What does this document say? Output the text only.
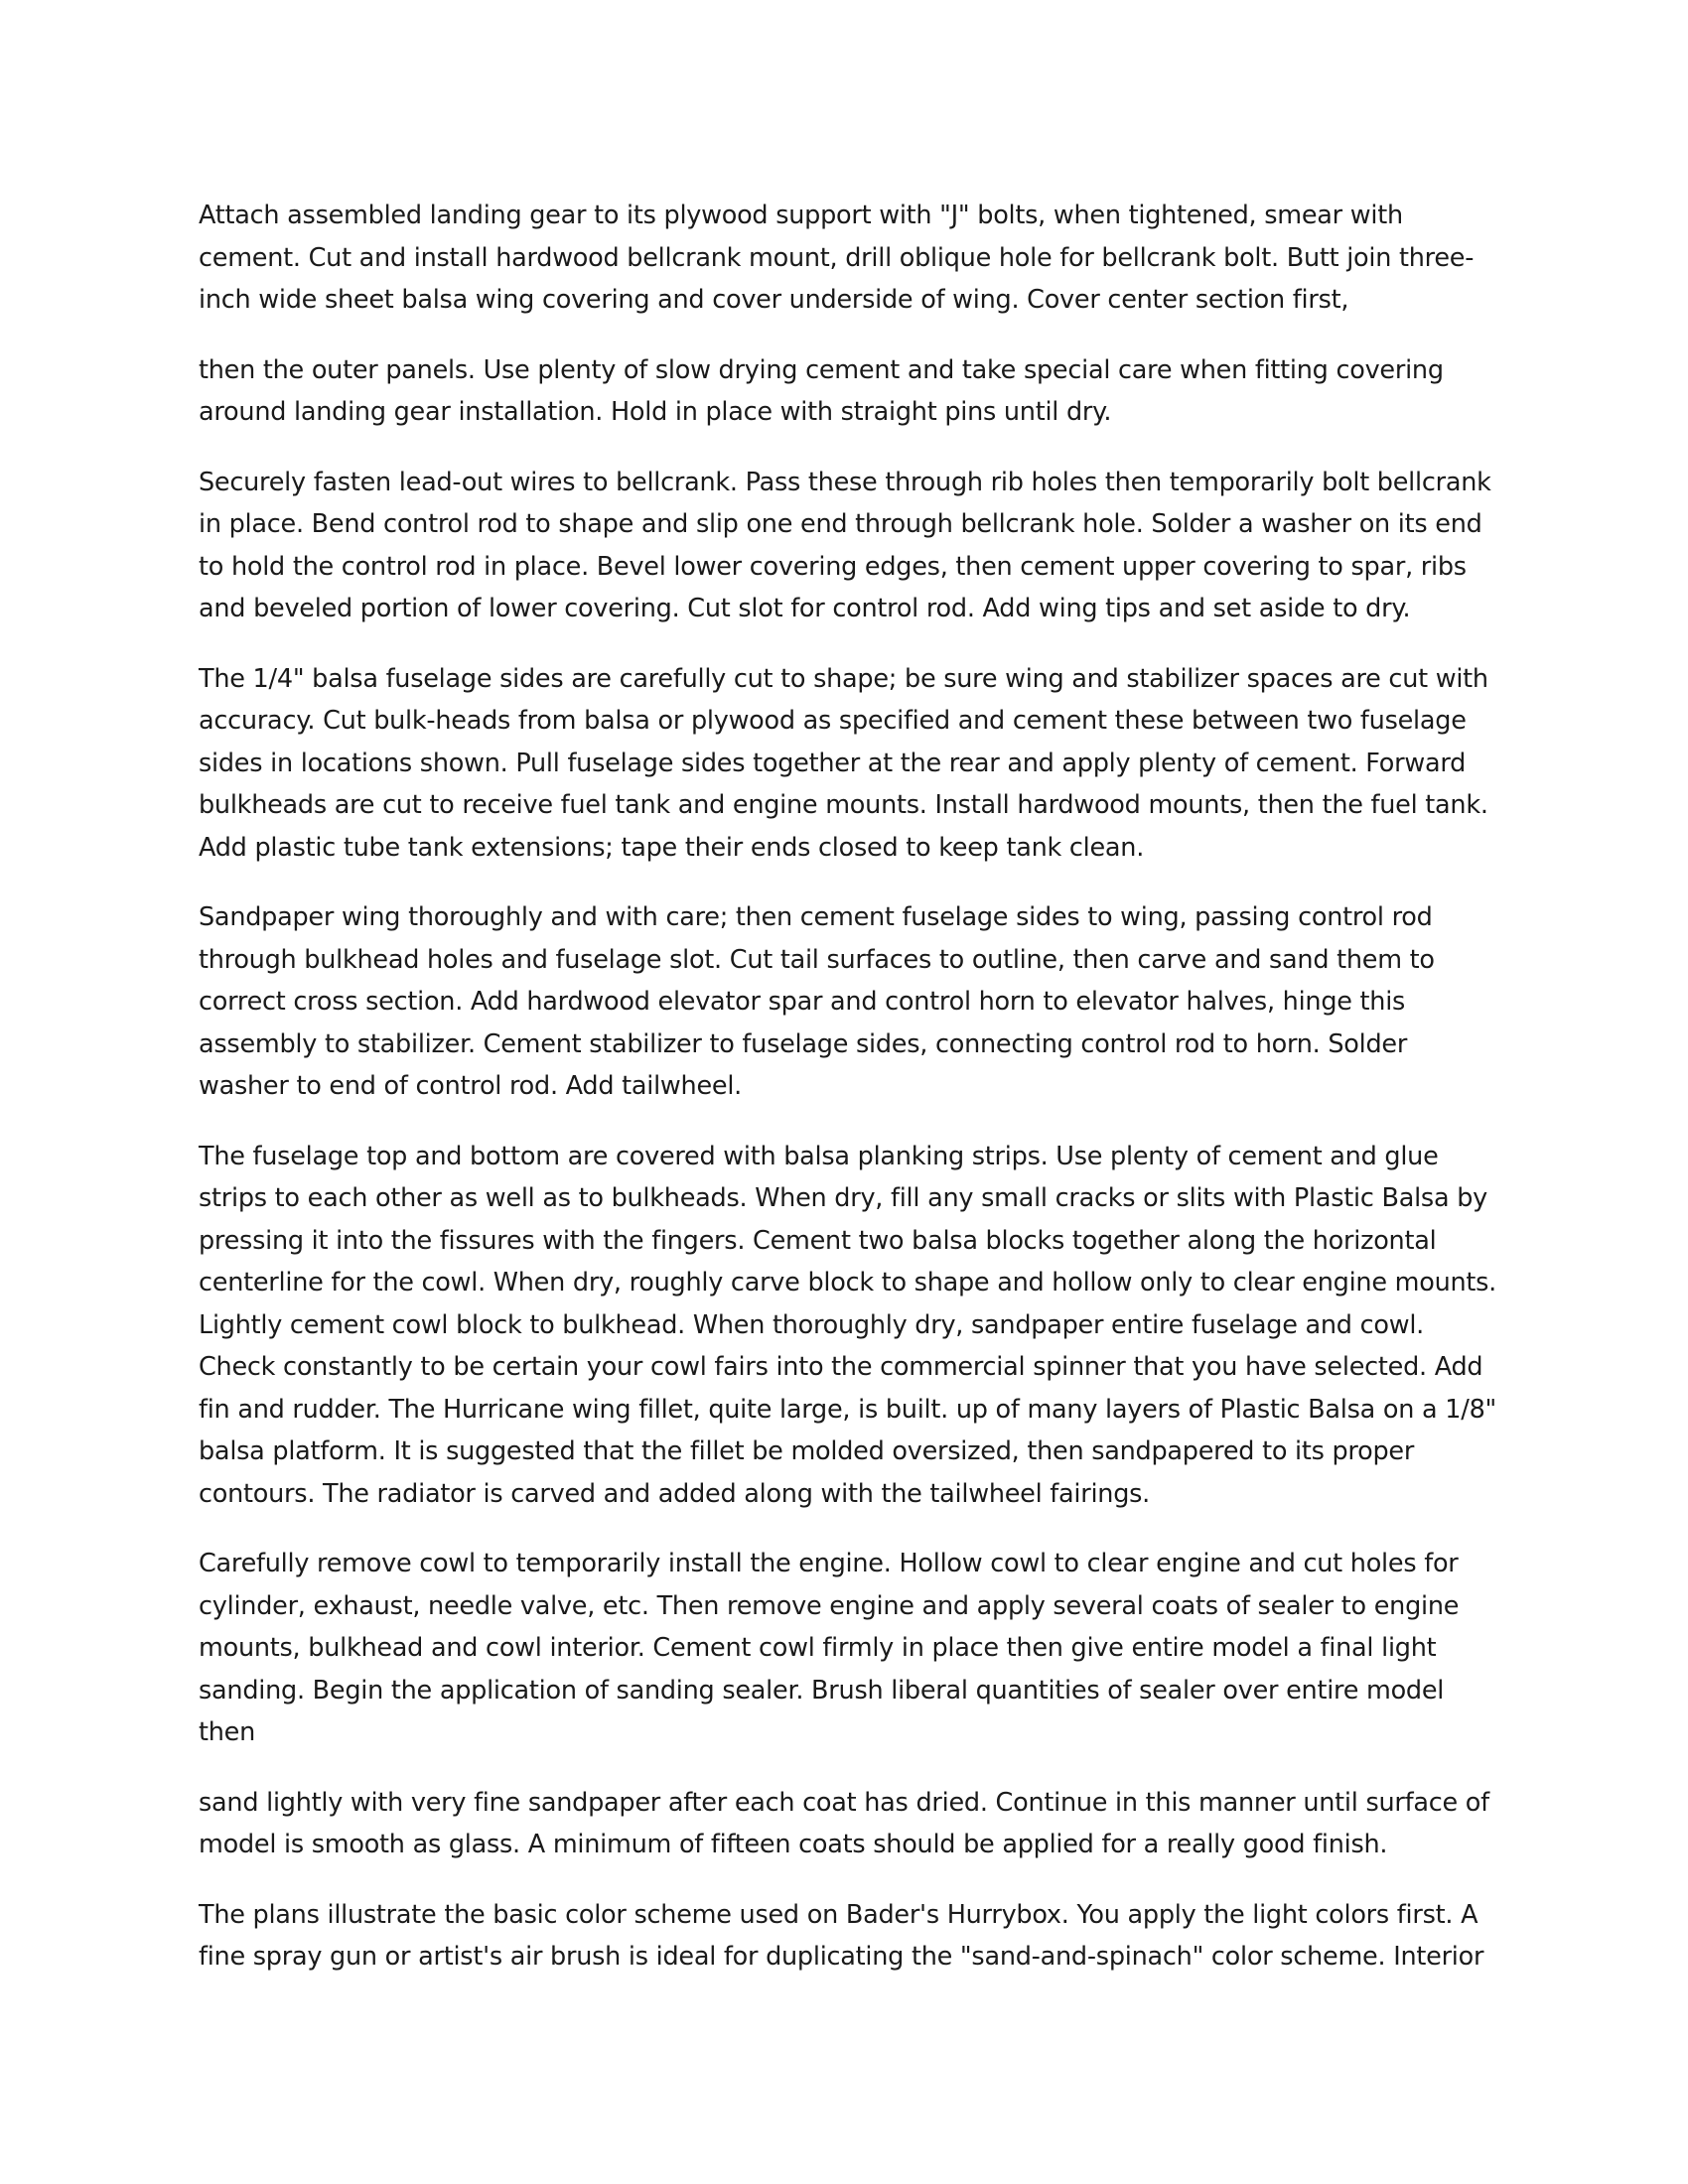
Attach assembled landing gear to its plywood support with "J" bolts, when tightened, smear with cement. Cut and install hardwood bellcrank mount, drill oblique hole for bellcrank bolt. Butt join three-inch wide sheet balsa wing covering and cover underside of wing. Cover center section first,

then the outer panels. Use plenty of slow drying cement and take special care when fitting covering around landing gear installation. Hold in place with straight pins until dry.

Securely fasten lead-out wires to bellcrank. Pass these through rib holes then temporarily bolt bellcrank in place. Bend control rod to shape and slip one end through bellcrank hole. Solder a washer on its end to hold the control rod in place. Bevel lower covering edges, then cement upper covering to spar, ribs and beveled portion of lower covering. Cut slot for control rod. Add wing tips and set aside to dry.

The 1/4" balsa fuselage sides are carefully cut to shape; be sure wing and stabilizer spaces are cut with accuracy. Cut bulk-heads from balsa or plywood as specified and cement these between two fuselage sides in locations shown. Pull fuselage sides together at the rear and apply plenty of cement. Forward bulkheads are cut to receive fuel tank and engine mounts. Install hardwood mounts, then the fuel tank. Add plastic tube tank extensions; tape their ends closed to keep tank clean.

Sandpaper wing thoroughly and with care; then cement fuselage sides to wing, passing control rod through bulkhead holes and fuselage slot. Cut tail surfaces to outline, then carve and sand them to correct cross section. Add hardwood elevator spar and control horn to elevator halves, hinge this assembly to stabilizer. Cement stabilizer to fuselage sides, connecting control rod to horn. Solder washer to end of control rod. Add tailwheel.

The fuselage top and bottom are covered with balsa planking strips. Use plenty of cement and glue strips to each other as well as to bulkheads. When dry, fill any small cracks or slits with Plastic Balsa by pressing it into the fissures with the fingers. Cement two balsa blocks together along the horizontal centerline for the cowl. When dry, roughly carve block to shape and hollow only to clear engine mounts. Lightly cement cowl block to bulkhead. When thoroughly dry, sandpaper entire fuselage and cowl. Check constantly to be certain your cowl fairs into the commercial spinner that you have selected. Add fin and rudder. The Hurricane wing fillet, quite large, is built. up of many layers of Plastic Balsa on a 1/8" balsa platform. It is suggested that the fillet be molded oversized, then sandpapered to its proper contours. The radiator is carved and added along with the tailwheel fairings.

Carefully remove cowl to temporarily install the engine. Hollow cowl to clear engine and cut holes for cylinder, exhaust, needle valve, etc. Then remove engine and apply several coats of sealer to engine mounts, bulkhead and cowl interior. Cement cowl firmly in place then give entire model a final light sanding. Begin the application of sanding sealer. Brush liberal quantities of sealer over entire model then

sand lightly with very fine sandpaper after each coat has dried. Continue in this manner until surface of model is smooth as glass. A minimum of fifteen coats should be applied for a really good finish.

The plans illustrate the basic color scheme used on Bader's Hurrybox. You apply the light colors first. A fine spray gun or artist's air brush is ideal for duplicating the "sand-and-spinach" color scheme. Interior
